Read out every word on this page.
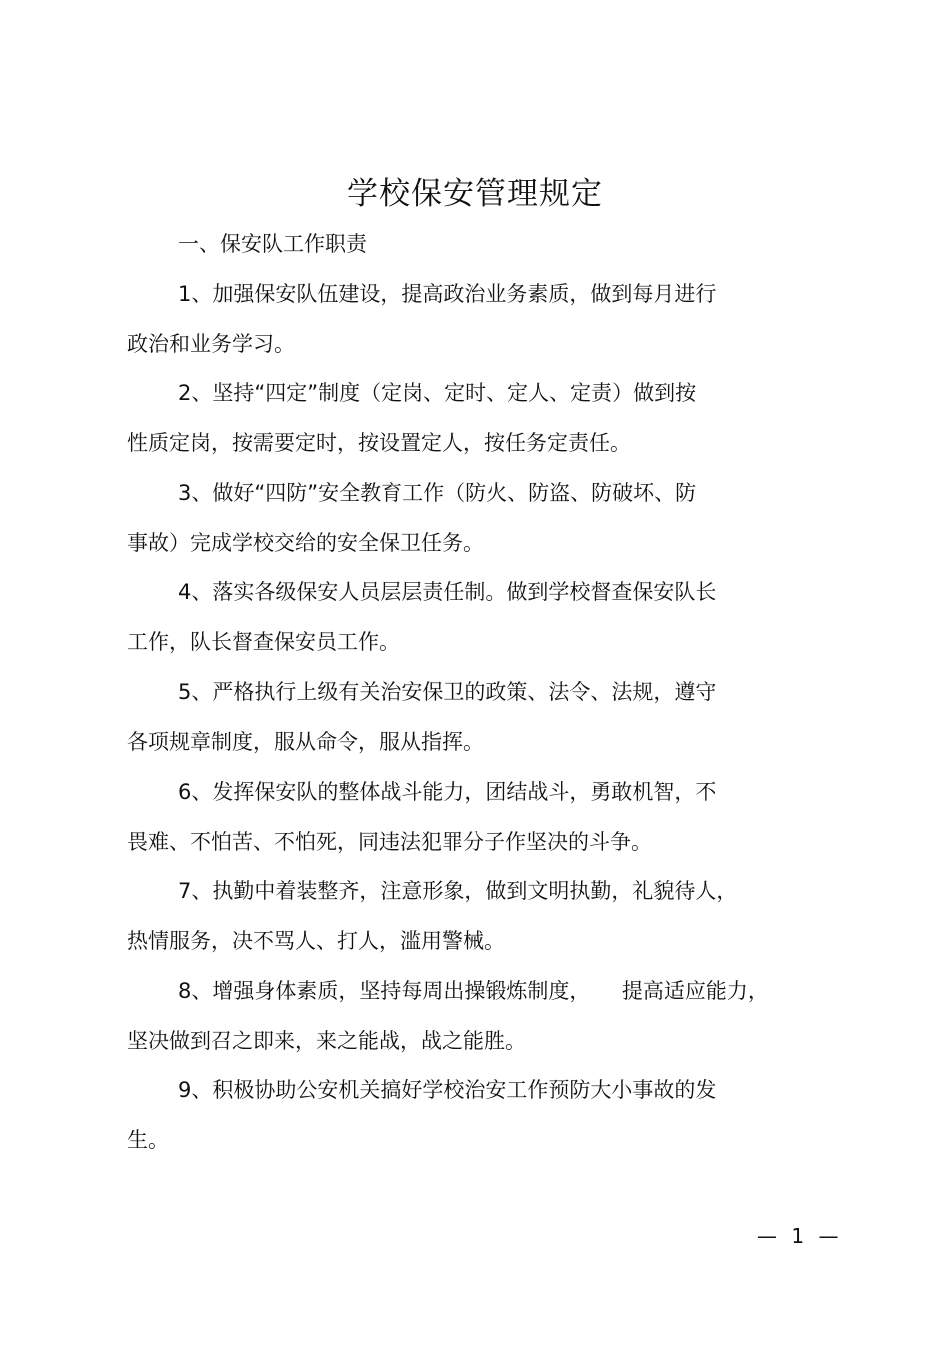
学校保安管理规定
一、保安队工作职责
1、加强保安队伍建设，提高政治业务素质，做到每月进行
政治和业务学习。
2、坚持“四定”制度（定岗、定时、定人、定责）做到按
性质定岗，按需要定时，按设置定人，按任务定责任。
3、做好“四防”安全教育工作（防火、防盗、防破坏、防
事故）完成学校交给的安全保卫任务。
4、落实各级保安人员层层责任制。做到学校督查保安队长
工作，队长督查保安员工作。
5、严格执行上级有关治安保卫的政策、法令、法规，遵守
各项规章制度，服从命令，服从指挥。
6、发挥保安队的整体战斗能力，团结战斗，勇敢机智，不
畏难、不怕苦、不怕死，同违法犯罪分子作坚决的斗争。
7、执勤中着装整齐，注意形象，做到文明执勤，礼貌待人，
热情服务，决不骂人、打人，滥用警械。
8、增强身体素质，坚持每周出操锻炼制度，　　提高适应能力，
坚决做到召之即来，来之能战，战之能胜。
9、积极协助公安机关搞好学校治安工作预防大小事故的发
生。
— 1 —
